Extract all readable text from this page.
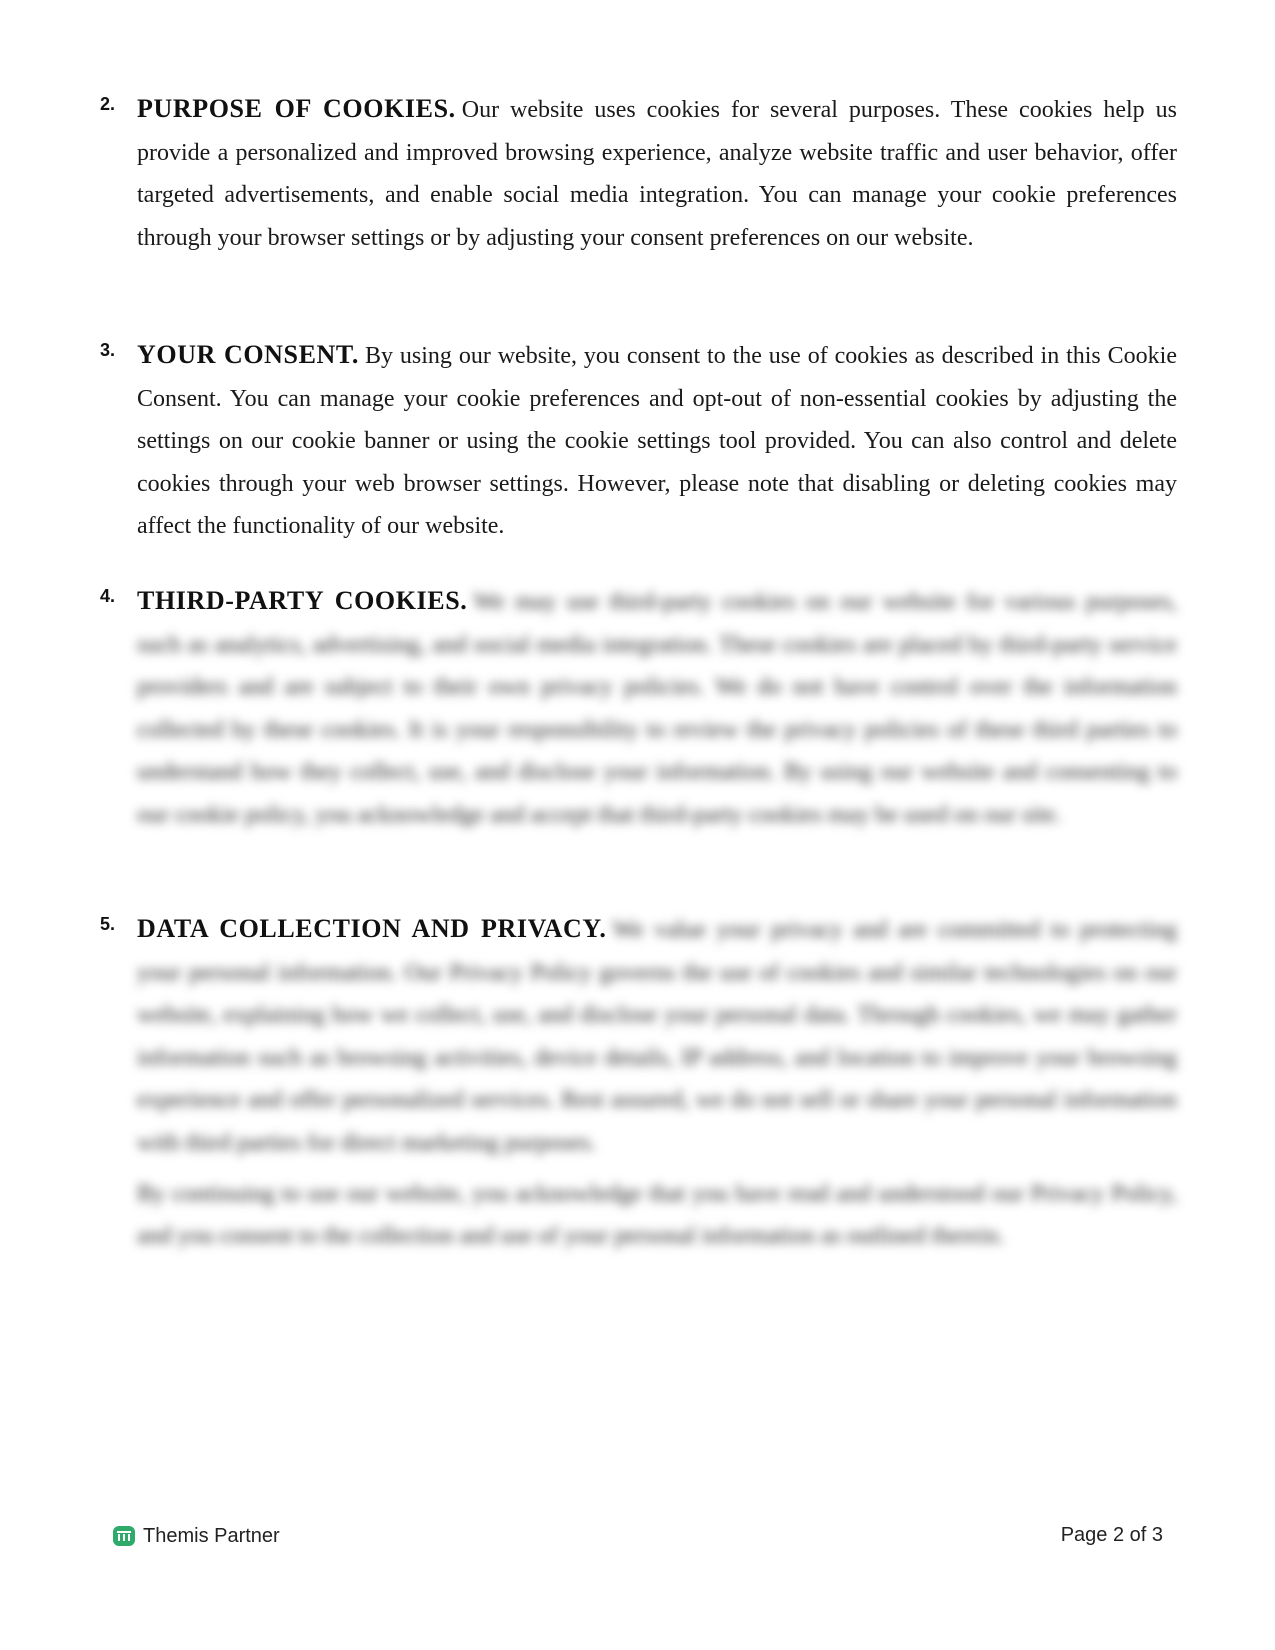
2. PURPOSE OF COOKIES. Our website uses cookies for several purposes. These cookies help us provide a personalized and improved browsing experience, analyze website traffic and user behavior, offer targeted advertisements, and enable social media integration. You can manage your cookie preferences through your browser settings or by adjusting your consent preferences on our website.
3. YOUR CONSENT. By using our website, you consent to the use of cookies as described in this Cookie Consent. You can manage your cookie preferences and opt-out of non-essential cookies by adjusting the settings on our cookie banner or using the cookie settings tool provided. You can also control and delete cookies through your web browser settings. However, please note that disabling or deleting cookies may affect the functionality of our website.
4. THIRD-PARTY COOKIES. We may use third-party cookies on our website for various purposes, such as analytics, advertising, and social media integration. These cookies are placed by third-party service providers and are subject to their own privacy policies. We do not have control over the information collected by these cookies. It is your responsibility to review the privacy policies of these third parties to understand how they collect, use, and disclose your information. By using our website and consenting to our cookie policy, you acknowledge and accept that third-party cookies may be used on our site.
5. DATA COLLECTION AND PRIVACY. We value your privacy and are committed to protecting your personal information. Our Privacy Policy governs the use of cookies and similar technologies on our website, explaining how we collect, use, and disclose your personal data. Through cookies, we may gather information such as browsing activities, device details, IP address, and location to improve your browsing experience and offer personalized services. Rest assured, we do not sell or share your personal information with third parties for direct marketing purposes.
By continuing to use our website, you acknowledge that you have read and understood our Privacy Policy, and you consent to the collection and use of your personal information as outlined therein.
Themis Partner	Page 2 of 3
